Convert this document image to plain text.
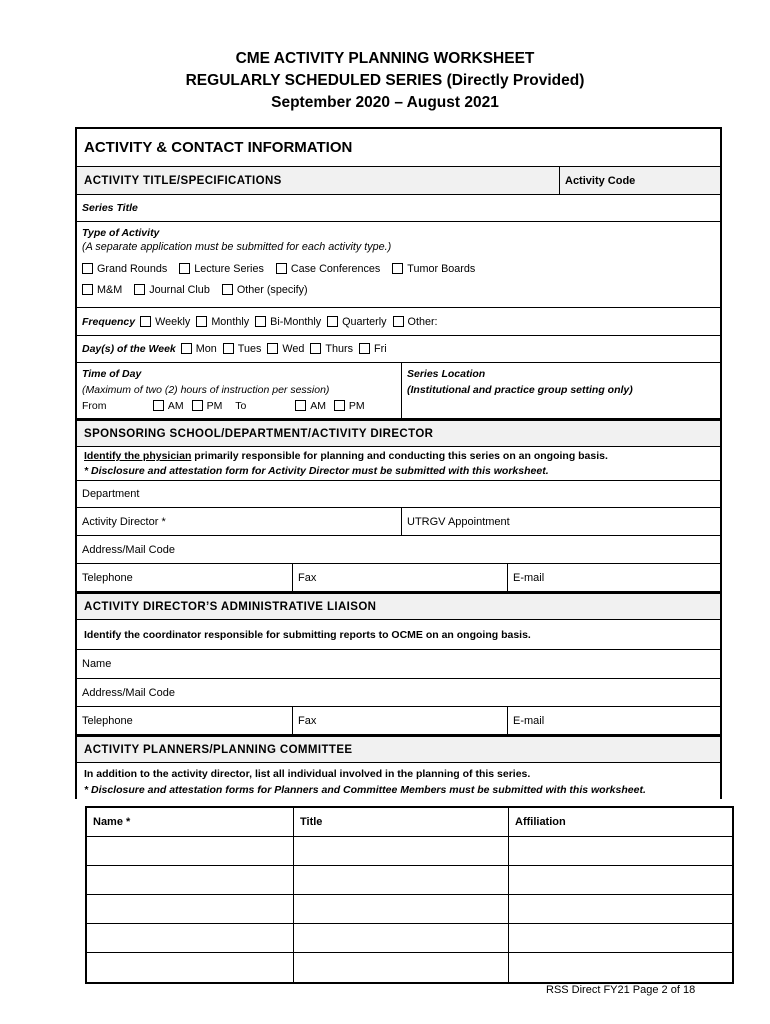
CME ACTIVITY PLANNING WORKSHEET
REGULARLY SCHEDULED SERIES (Directly Provided)
September 2020 – August 2021
ACTIVITY & CONTACT INFORMATION
ACTIVITY TITLE/SPECIFICATIONS	Activity Code
Series Title
Type of Activity
(A separate application must be submitted for each activity type.)
Grand Rounds	Lecture Series	Case Conferences	Tumor Boards
M&M	Journal Club	Other (specify)
Frequency	Weekly	Monthly	Bi-Monthly	Quarterly	Other:
Day(s) of the Week	Mon	Tues	Wed	Thurs	Fri
Time of Day
(Maximum of two (2) hours of instruction per session)
From	AM PM To	AM PM
Series Location
(Institutional and practice group setting only)
SPONSORING SCHOOL/DEPARTMENT/ACTIVITY DIRECTOR
Identify the physician primarily responsible for planning and conducting this series on an ongoing basis.
* Disclosure and attestation form for Activity Director must be submitted with this worksheet.
Department
Activity Director *	UTRGV Appointment
Address/Mail Code
Telephone	Fax	E-mail
ACTIVITY DIRECTOR’S ADMINISTRATIVE LIAISON
Identify the coordinator responsible for submitting reports to OCME on an ongoing basis.
Name
Address/Mail Code
Telephone	Fax	E-mail
ACTIVITY PLANNERS/PLANNING COMMITTEE
In addition to the activity director, list all individual involved in the planning of this series.
* Disclosure and attestation forms for Planners and Committee Members must be submitted with this worksheet.
Name *	Title	Affiliation
RSS Direct FY21 Page 2 of 18
